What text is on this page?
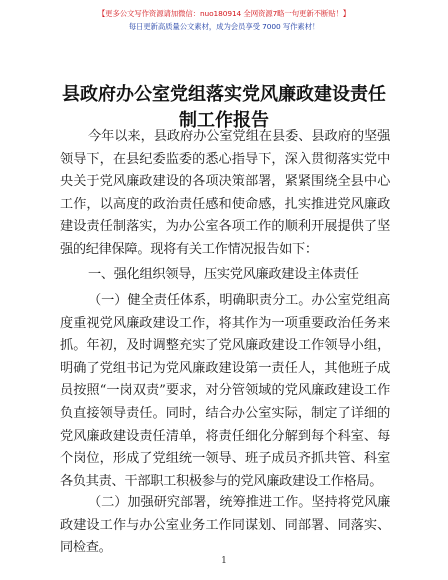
【更多公文写作资源请加微信：nuo180914 全网资源7略一句更新不断贴！】
每日更新高质量公文素材，成为会员享受 7000 写作素材！
县政府办公室党组落实党风廉政建设责任制工作报告
今年以来，县政府办公室党组在县委、县政府的坚强领导下，在县纪委监委的悉心指导下，深入贯彻落实党中央关于党风廉政建设的各项决策部署，紧紧围绕全县中心工作，以高度的政治责任感和使命感，扎实推进党风廉政建设责任制落实，为办公室各项工作的顺利开展提供了坚强的纪律保障。现将有关工作情况报告如下：
一、强化组织领导，压实党风廉政建设主体责任
（一）健全责任体系，明确职责分工。办公室党组高度重视党风廉政建设工作，将其作为一项重要政治任务来抓。年初，及时调整充实了党风廉政建设工作领导小组，明确了党组书记为党风廉政建设第一责任人，其他班子成员按照“一岗双责”要求，对分管领域的党风廉政建设工作负直接领导责任。同时，结合办公室实际，制定了详细的党风廉政建设责任清单，将责任细化分解到每个科室、每个岗位，形成了党组统一领导、班子成员齐抓共管、科室各负其责、干部职工积极参与的党风廉政建设工作格局。
（二）加强研究部署，统筹推进工作。坚持将党风廉政建设工作与办公室业务工作同谋划、同部署、同落实、同检查。
1
